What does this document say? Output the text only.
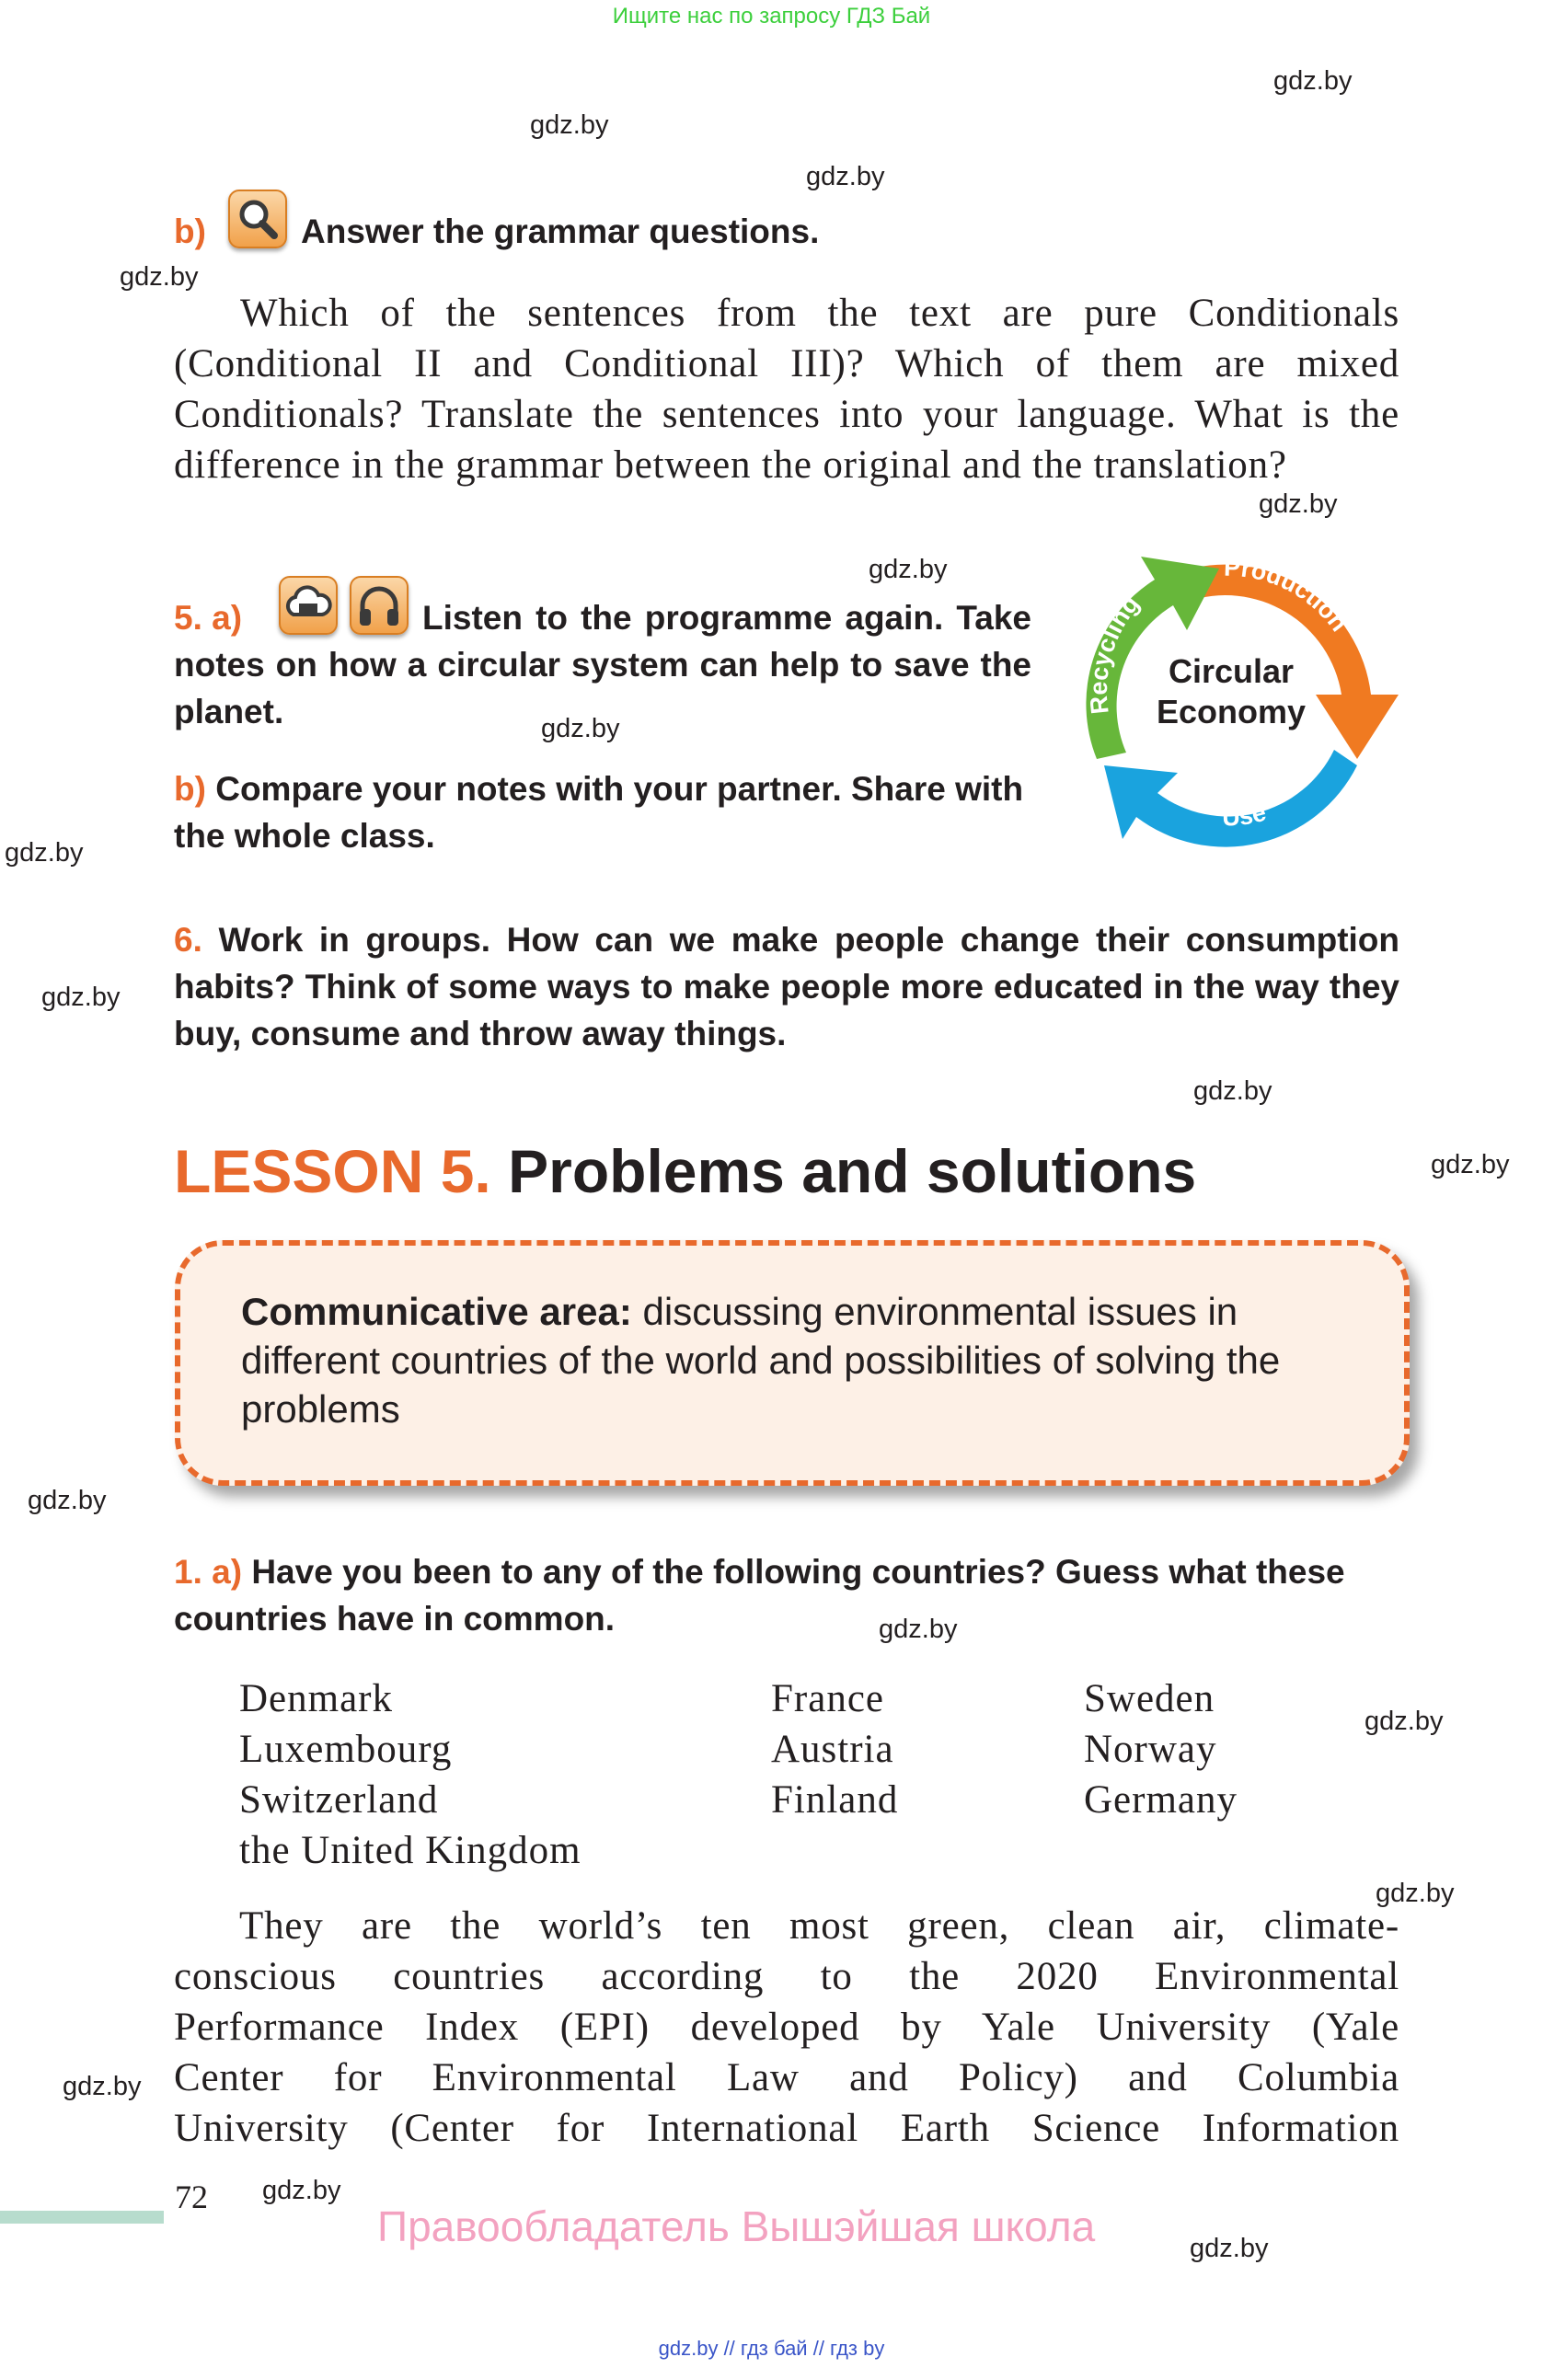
Ищите нас по запросу ГДЗ Бай
gdz.by
gdz.by
gdz.by
gdz.by
gdz.by
gdz.by
gdz.by
gdz.by
gdz.by
gdz.by
gdz.by
gdz.by
gdz.by
gdz.by
gdz.by
gdz.by
gdz.by
gdz.by
b)	Answer the grammar questions.
Which of the sentences from the text are pure Conditionals (Conditional II and Conditional III)? Which of them are mixed Conditionals? Translate the sentences into your language. What is the difference in the grammar between the original and the translation?
5. a)	Listen to the programme again. Take notes on how a circular system can help to save the planet.
b) Compare your notes with your partner. Share with the whole class.
Production
Use
Recycling
Circular
Economy
6. Work in groups. How can we make people change their consumption habits? Think of some ways to make people more educated in the way they buy, consume and throw away things.
LESSON 5. Problems and solutions
Communicative area: discussing environmental issues in different countries of the world and possibilities of solving the problems
1. a) Have you been to any of the following countries? Guess what these countries have in common.
Denmark
Luxembourg
Switzerland
the United Kingdom
France
Austria
Finland
Sweden
Norway
Germany
They are the world’s ten most green, clean air, climate-
conscious countries according to the 2020 Environmental
Performance Index (EPI) developed by Yale University (Yale
Center for Environmental Law and Policy) and Columbia
University (Center for International Earth Science Information
72
Правообладатель Вышэйшая школа
gdz.by // гдз бай // гдз by
